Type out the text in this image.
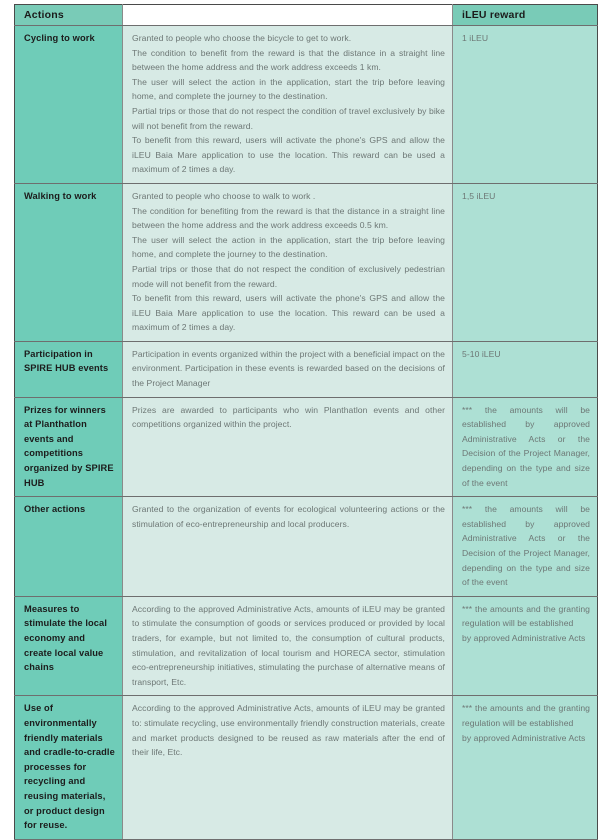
Actions		iLEU reward
Cycling to work	Granted to people who choose the bicycle to get to work.

The condition to benefit from the reward is that the distance in a straight line between the home address and the work address exceeds 1 km.

The user will select the action in the application, start the trip before leaving home, and complete the journey to the destination.

Partial trips or those that do not respect the condition of travel exclusively by bike will not benefit from the reward.

To benefit from this reward, users will activate the phone's GPS and allow the iLEU Baia Mare application to use the location. This reward can be used a maximum of 2 times a day.	1 iLEU
Walking to work	Granted to people who choose to walk to work .

The condition for benefiting from the reward is that the distance in a straight line between the home address and the work address exceeds 0.5 km.

The user will select the action in the application, start the trip before leaving home, and complete the journey to the destination.

Partial trips or those that do not respect the condition of exclusively pedestrian mode will not benefit from the reward.

To benefit from this reward, users will activate the phone's GPS and allow the iLEU Baia Mare application to use the location. This reward can be used a maximum of 2 times a day.	1,5 iLEU
Participation in SPIRE HUB events	Participation in events organized within the project with a beneficial impact on the environment. Participation in these events is rewarded based on the decisions of the Project Manager	5-10 iLEU
Prizes for winners at Planthatlon events and competitions organized by SPIRE HUB	Prizes are awarded to participants who win Planthatlon events and other competitions organized within the project.	*** the amounts will be established by approved Administrative Acts or the Decision of the Project Manager, depending on the type and size of the event
Other actions	Granted to the organization of events for ecological volunteering actions or the stimulation of eco-entrepreneurship and local producers.	*** the amounts will be established by approved Administrative Acts or the Decision of the Project Manager, depending on the type and size of the event
Measures to stimulate the local economy and create local value chains	According to the approved Administrative Acts, amounts of iLEU may be granted to stimulate the consumption of goods or services produced or provided by local traders, for example, but not limited to, the consumption of cultural products, stimulation, and revitalization of local tourism and HORECA sector, stimulation eco-entrepreneurship initiatives, stimulating the purchase of alternative means of transport, Etc.	*** the amounts and the granting regulation will be established

by approved Administrative Acts

Use of environmentally friendly materials and cradle-to-cradle processes for recycling and reusing materials, or product design for reuse.	According to the approved Administrative Acts, amounts of iLEU may be granted to: stimulate recycling, use environmentally friendly construction materials, create and market products designed to be reused as raw materials after the end of their life, Etc.	*** the amounts and the granting regulation will be established

by approved Administrative Acts
